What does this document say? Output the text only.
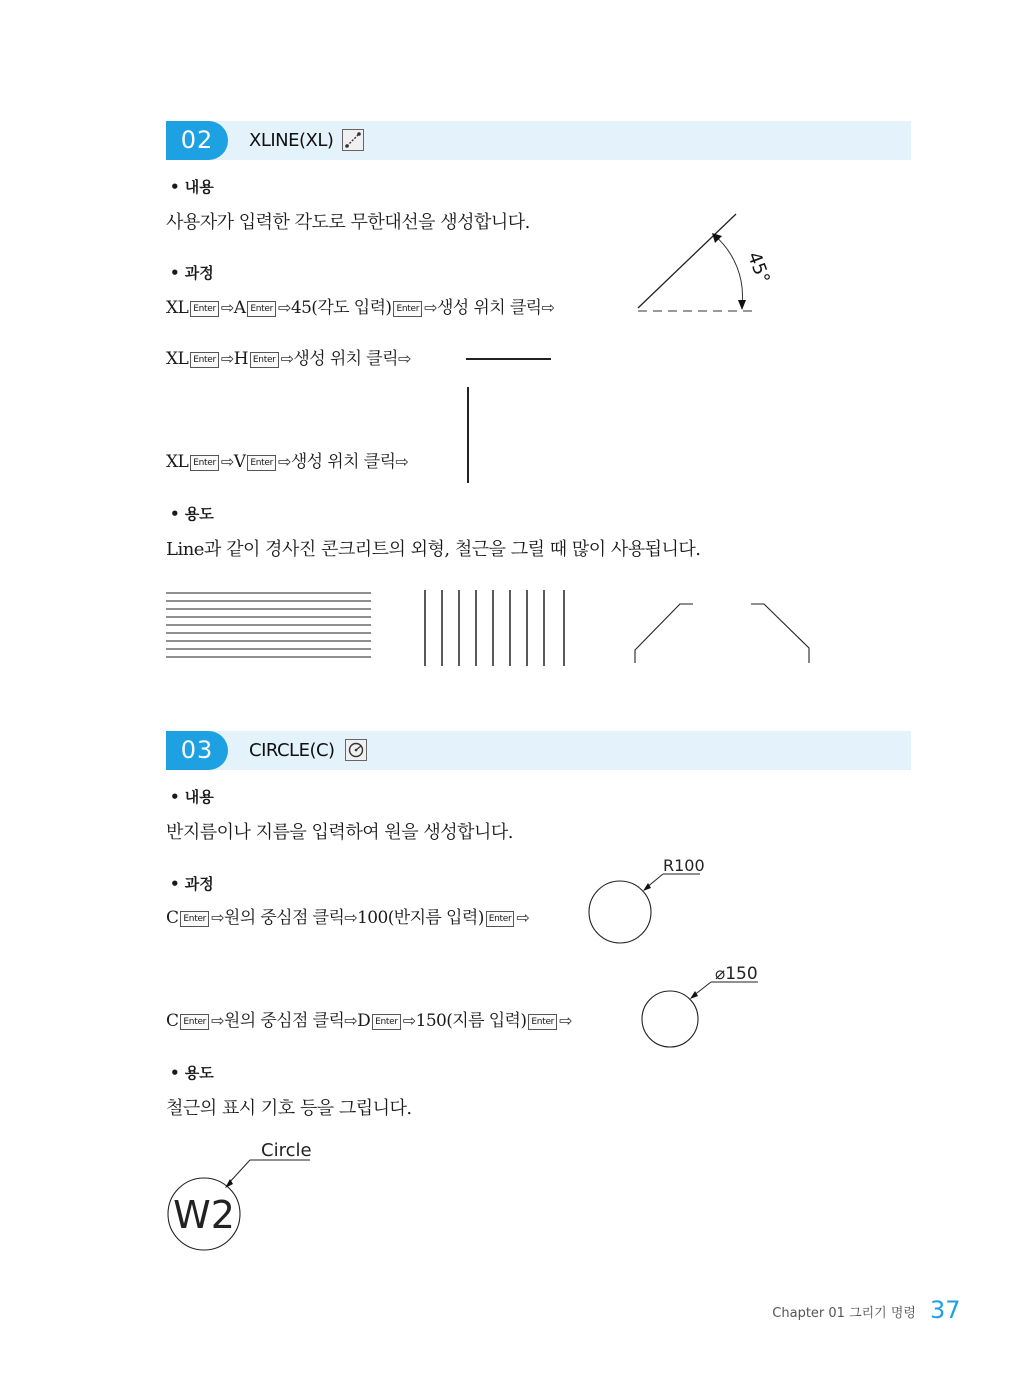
02	XLINE(XL)
• 내용
사용자가 입력한 각도로 무한대선을 생성합니다.
• 과정
XL Enter ⇨A Enter ⇨45(각도 입력) Enter ⇨생성 위치 클릭⇨
XL Enter ⇨H Enter ⇨생성 위치 클릭⇨
XL Enter ⇨V Enter ⇨생성 위치 클릭⇨
45°
• 용도
Line과 같이 경사진 콘크리트의 외형, 철근을 그릴 때 많이 사용됩니다.
03	CIRCLE(C)
• 내용
반지름이나 지름을 입력하여 원을 생성합니다.
• 과정
C Enter ⇨원의 중심점 클릭⇨100(반지름 입력) Enter ⇨
C Enter ⇨원의 중심점 클릭⇨D Enter ⇨150(지름 입력) Enter ⇨
R100
⌀150
• 용도
철근의 표시 기호 등을 그립니다.
Circle
W2
Chapter 01 그리기 명령 37
